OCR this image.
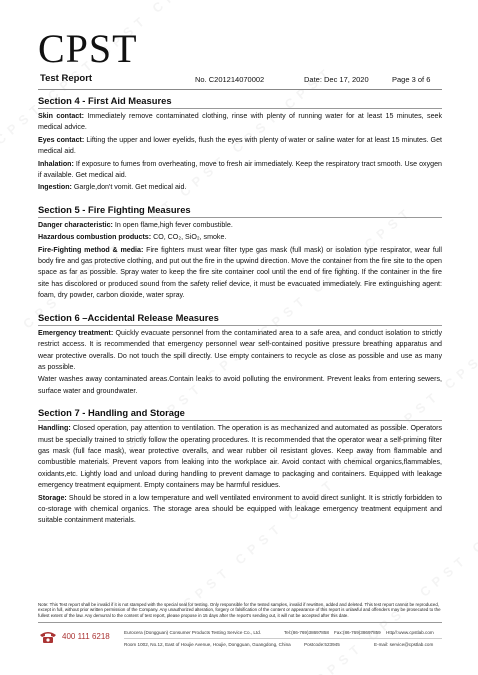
CPST
Test Report	No. C201214070002	Date: Dec 17, 2020	Page 3 of 6
Section 4 - First Aid Measures

Skin contact: Immediately remove contaminated clothing, rinse with plenty of running water for at least 15 minutes, seek medical advice.

Eyes contact: Lifting the upper and lower eyelids, flush the eyes with plenty of water or saline water for at least 15 minutes. Get medical aid.

Inhalation: If exposure to fumes from overheating, move to fresh air immediately. Keep the respiratory tract smooth. Use oxygen if available. Get medical aid.

Ingestion: Gargle,don't vomit. Get medical aid.

Section 5 - Fire Fighting Measures

Danger characteristic: In open flame,high fever combustible.

Hazardous combustion products: CO, CO₂, SiO₂, smoke.

Fire-Fighting method & media: Fire fighters must wear filter type gas mask (full mask) or isolation type respirator, wear full body fire and gas protective clothing, and put out the fire in the upwind direction. Move the container from the fire site to the open space as far as possible. Spray water to keep the fire site container cool until the end of fire fighting. If the container in the fire site has discolored or produced sound from the safety relief device, it must be evacuated immediately. Fire extinguishing agent: foam, dry powder, carbon dioxide, water spray.

Section 6 –Accidental Release Measures

Emergency treatment: Quickly evacuate personnel from the contaminated area to a safe area, and conduct isolation to strictly restrict access. It is recommended that emergency personnel wear self-contained positive pressure breathing apparatus and wear protective overalls. Do not touch the spill directly. Use empty containers to recycle as close as possible and use as many as possible.

Water washes away contaminated areas.Contain leaks to avoid polluting the environment. Prevent leaks from entering sewers, surface water and groundwater.

Section 7 - Handling and Storage

Handling: Closed operation, pay attention to ventilation. The operation is as mechanized and automated as possible. Operators must be specially trained to strictly follow the operating procedures. It is recommended that the operator wear a self-priming filter gas mask (full face mask), wear protective overalls, and wear rubber oil resistant gloves. Keep away from flammable and combustible materials. Prevent vapors from leaking into the workplace air. Avoid contact with chemical organics,flammables, oxidants,etc. Lightly load and unload during handling to prevent damage to packaging and containers. Equipped with leakage emergency treatment equipment. Empty containers may be harmful residues.

Storage: Should be stored in a low temperature and well ventilated environment to avoid direct sunlight. It is strictly forbidden to co-storage with chemical organics. The storage area should be equipped with leakage emergency treatment equipment and suitable containment materials.

Note: This Test report shall be invalid if it is not stamped with the special seal for testing. Only responsible for the tested samples, invalid if rewritten, added and deleted. This test report cannot be reproduced, except in full, without prior written permission of the Company. Any unauthorized alteration, forgery or falsification of the content or appearance of this report is unlawful and offenders may be prosecuted to the fullest extent of the law. Any demurral to the content of test report, please propose in 15 days after the report's sending out, it will not be accepted after this date.
400 111 6218	Eurocera (Dongguan) Consumer Products Testing Service Co., Ltd.	Tel:(86-769)38697858 Fax:(86-769)38697859 Http//:www.cpstlab.com
Room 1002, No.12, East of Houjie Avenue, Houjie, Dongguan, Guangdong, China	Postcode:523945	E-mail: service@cpstlab.com
